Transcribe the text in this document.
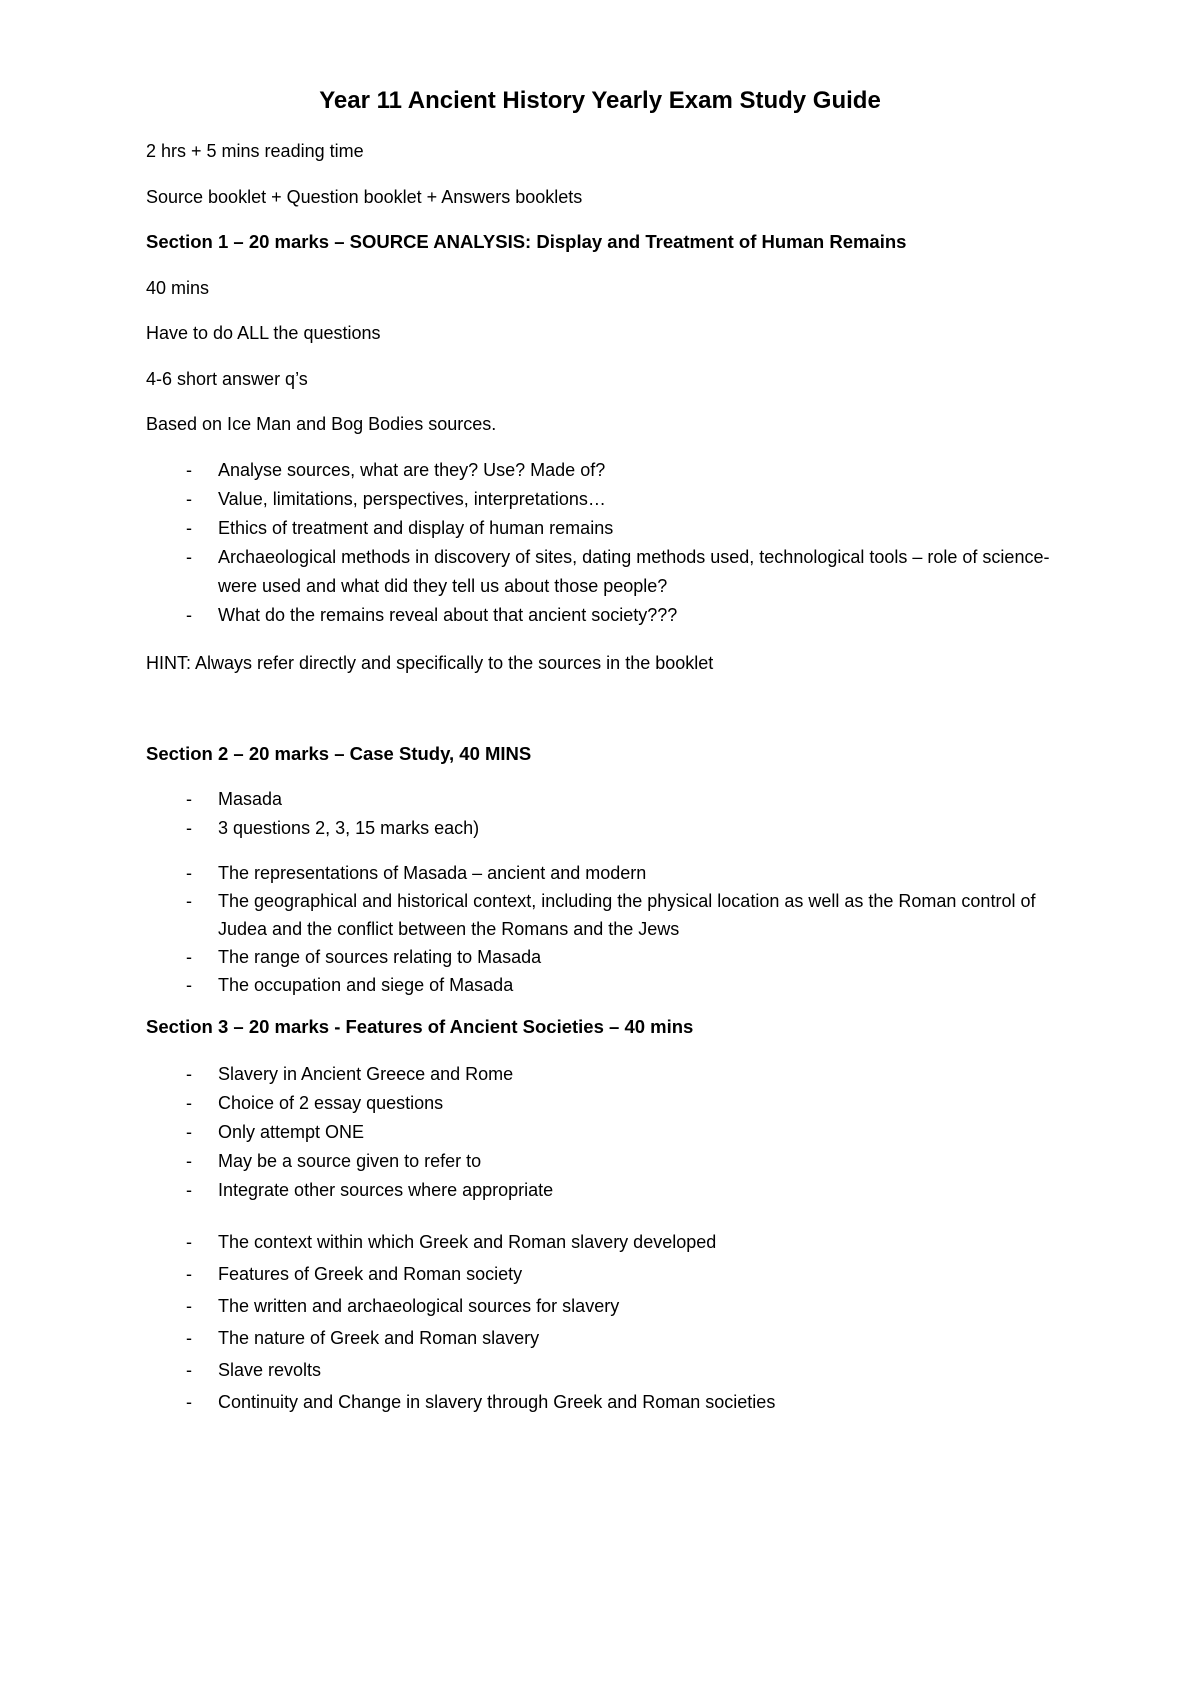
Year 11 Ancient History Yearly Exam Study Guide
2 hrs + 5 mins reading time
Source booklet + Question booklet + Answers booklets
Section 1 – 20 marks – SOURCE ANALYSIS: Display and Treatment of Human Remains
40 mins
Have to do ALL the questions
4-6 short answer q’s
Based on Ice Man and Bog Bodies sources.
- Analyse sources, what are they? Use? Made of?
- Value, limitations, perspectives, interpretations…
- Ethics of treatment and display of human remains
- Archaeological methods in discovery of sites, dating methods used, technological tools – role of science- were used and what did they tell us about those people?
- What do the remains reveal about that ancient society???
HINT: Always refer directly and specifically to the sources in the booklet
Section 2 – 20 marks – Case Study, 40 MINS
- Masada
- 3 questions 2, 3, 15 marks each)
- The representations of Masada – ancient and modern
- The geographical and historical context, including the physical location as well as the Roman control of Judea and the conflict between the Romans and the Jews
- The range of sources relating to Masada
- The occupation and siege of Masada
Section 3 – 20 marks - Features of Ancient Societies – 40 mins
- Slavery in Ancient Greece and Rome
- Choice of 2 essay questions
- Only attempt ONE
- May be a source given to refer to
- Integrate other sources where appropriate
- The context within which Greek and Roman slavery developed
- Features of Greek and Roman society
- The written and archaeological sources for slavery
- The nature of Greek and Roman slavery
- Slave revolts
- Continuity and Change in slavery through Greek and Roman societies
